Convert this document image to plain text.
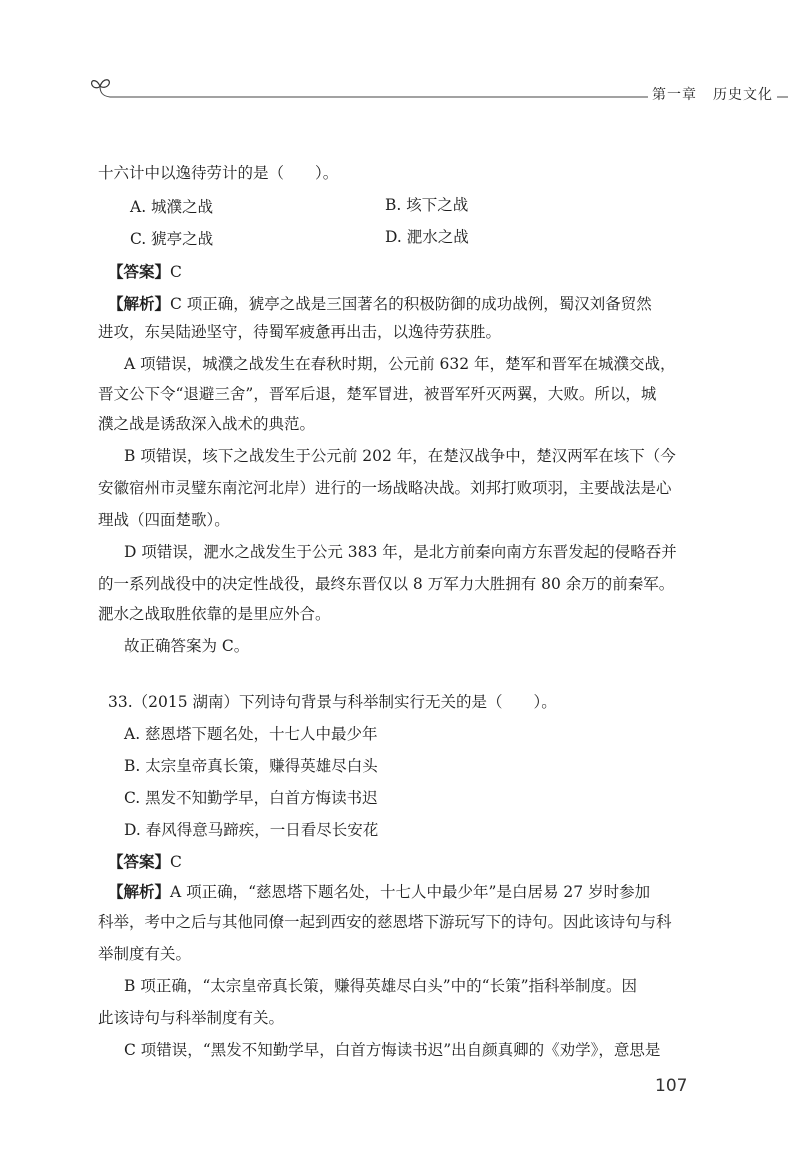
第一章 历史文化
十六计中以逸待劳计的是（　　）。
A. 城濮之战	B. 垓下之战
C. 猇亭之战	D. 淝水之战
【答案】C
【解析】C 项正确，猇亭之战是三国著名的积极防御的成功战例，蜀汉刘备贸然
进攻，东吴陆逊坚守，待蜀军疲惫再出击，以逸待劳获胜。
A 项错误，城濮之战发生在春秋时期，公元前 632 年，楚军和晋军在城濮交战，
晋文公下令“退避三舍”，晋军后退，楚军冒进，被晋军歼灭两翼，大败。所以，城
濮之战是诱敌深入战术的典范。
B 项错误，垓下之战发生于公元前 202 年，在楚汉战争中，楚汉两军在垓下（今
安徽宿州市灵璧东南沱河北岸）进行的一场战略决战。刘邦打败项羽，主要战法是心
理战（四面楚歌）。
D 项错误，淝水之战发生于公元 383 年，是北方前秦向南方东晋发起的侵略吞并
的一系列战役中的决定性战役，最终东晋仅以 8 万军力大胜拥有 80 余万的前秦军。
淝水之战取胜依靠的是里应外合。
故正确答案为 C。
33.（2015 湖南）下列诗句背景与科举制实行无关的是（　　）。
A. 慈恩塔下题名处，十七人中最少年
B. 太宗皇帝真长策，赚得英雄尽白头
C. 黑发不知勤学早，白首方悔读书迟
D. 春风得意马蹄疾，一日看尽长安花
【答案】C
【解析】A 项正确，“慈恩塔下题名处，十七人中最少年”是白居易 27 岁时参加
科举，考中之后与其他同僚一起到西安的慈恩塔下游玩写下的诗句。因此该诗句与科
举制度有关。
B 项正确，“太宗皇帝真长策，赚得英雄尽白头”中的“长策”指科举制度。因
此该诗句与科举制度有关。
C 项错误，“黑发不知勤学早，白首方悔读书迟”出自颜真卿的《劝学》，意思是
107
